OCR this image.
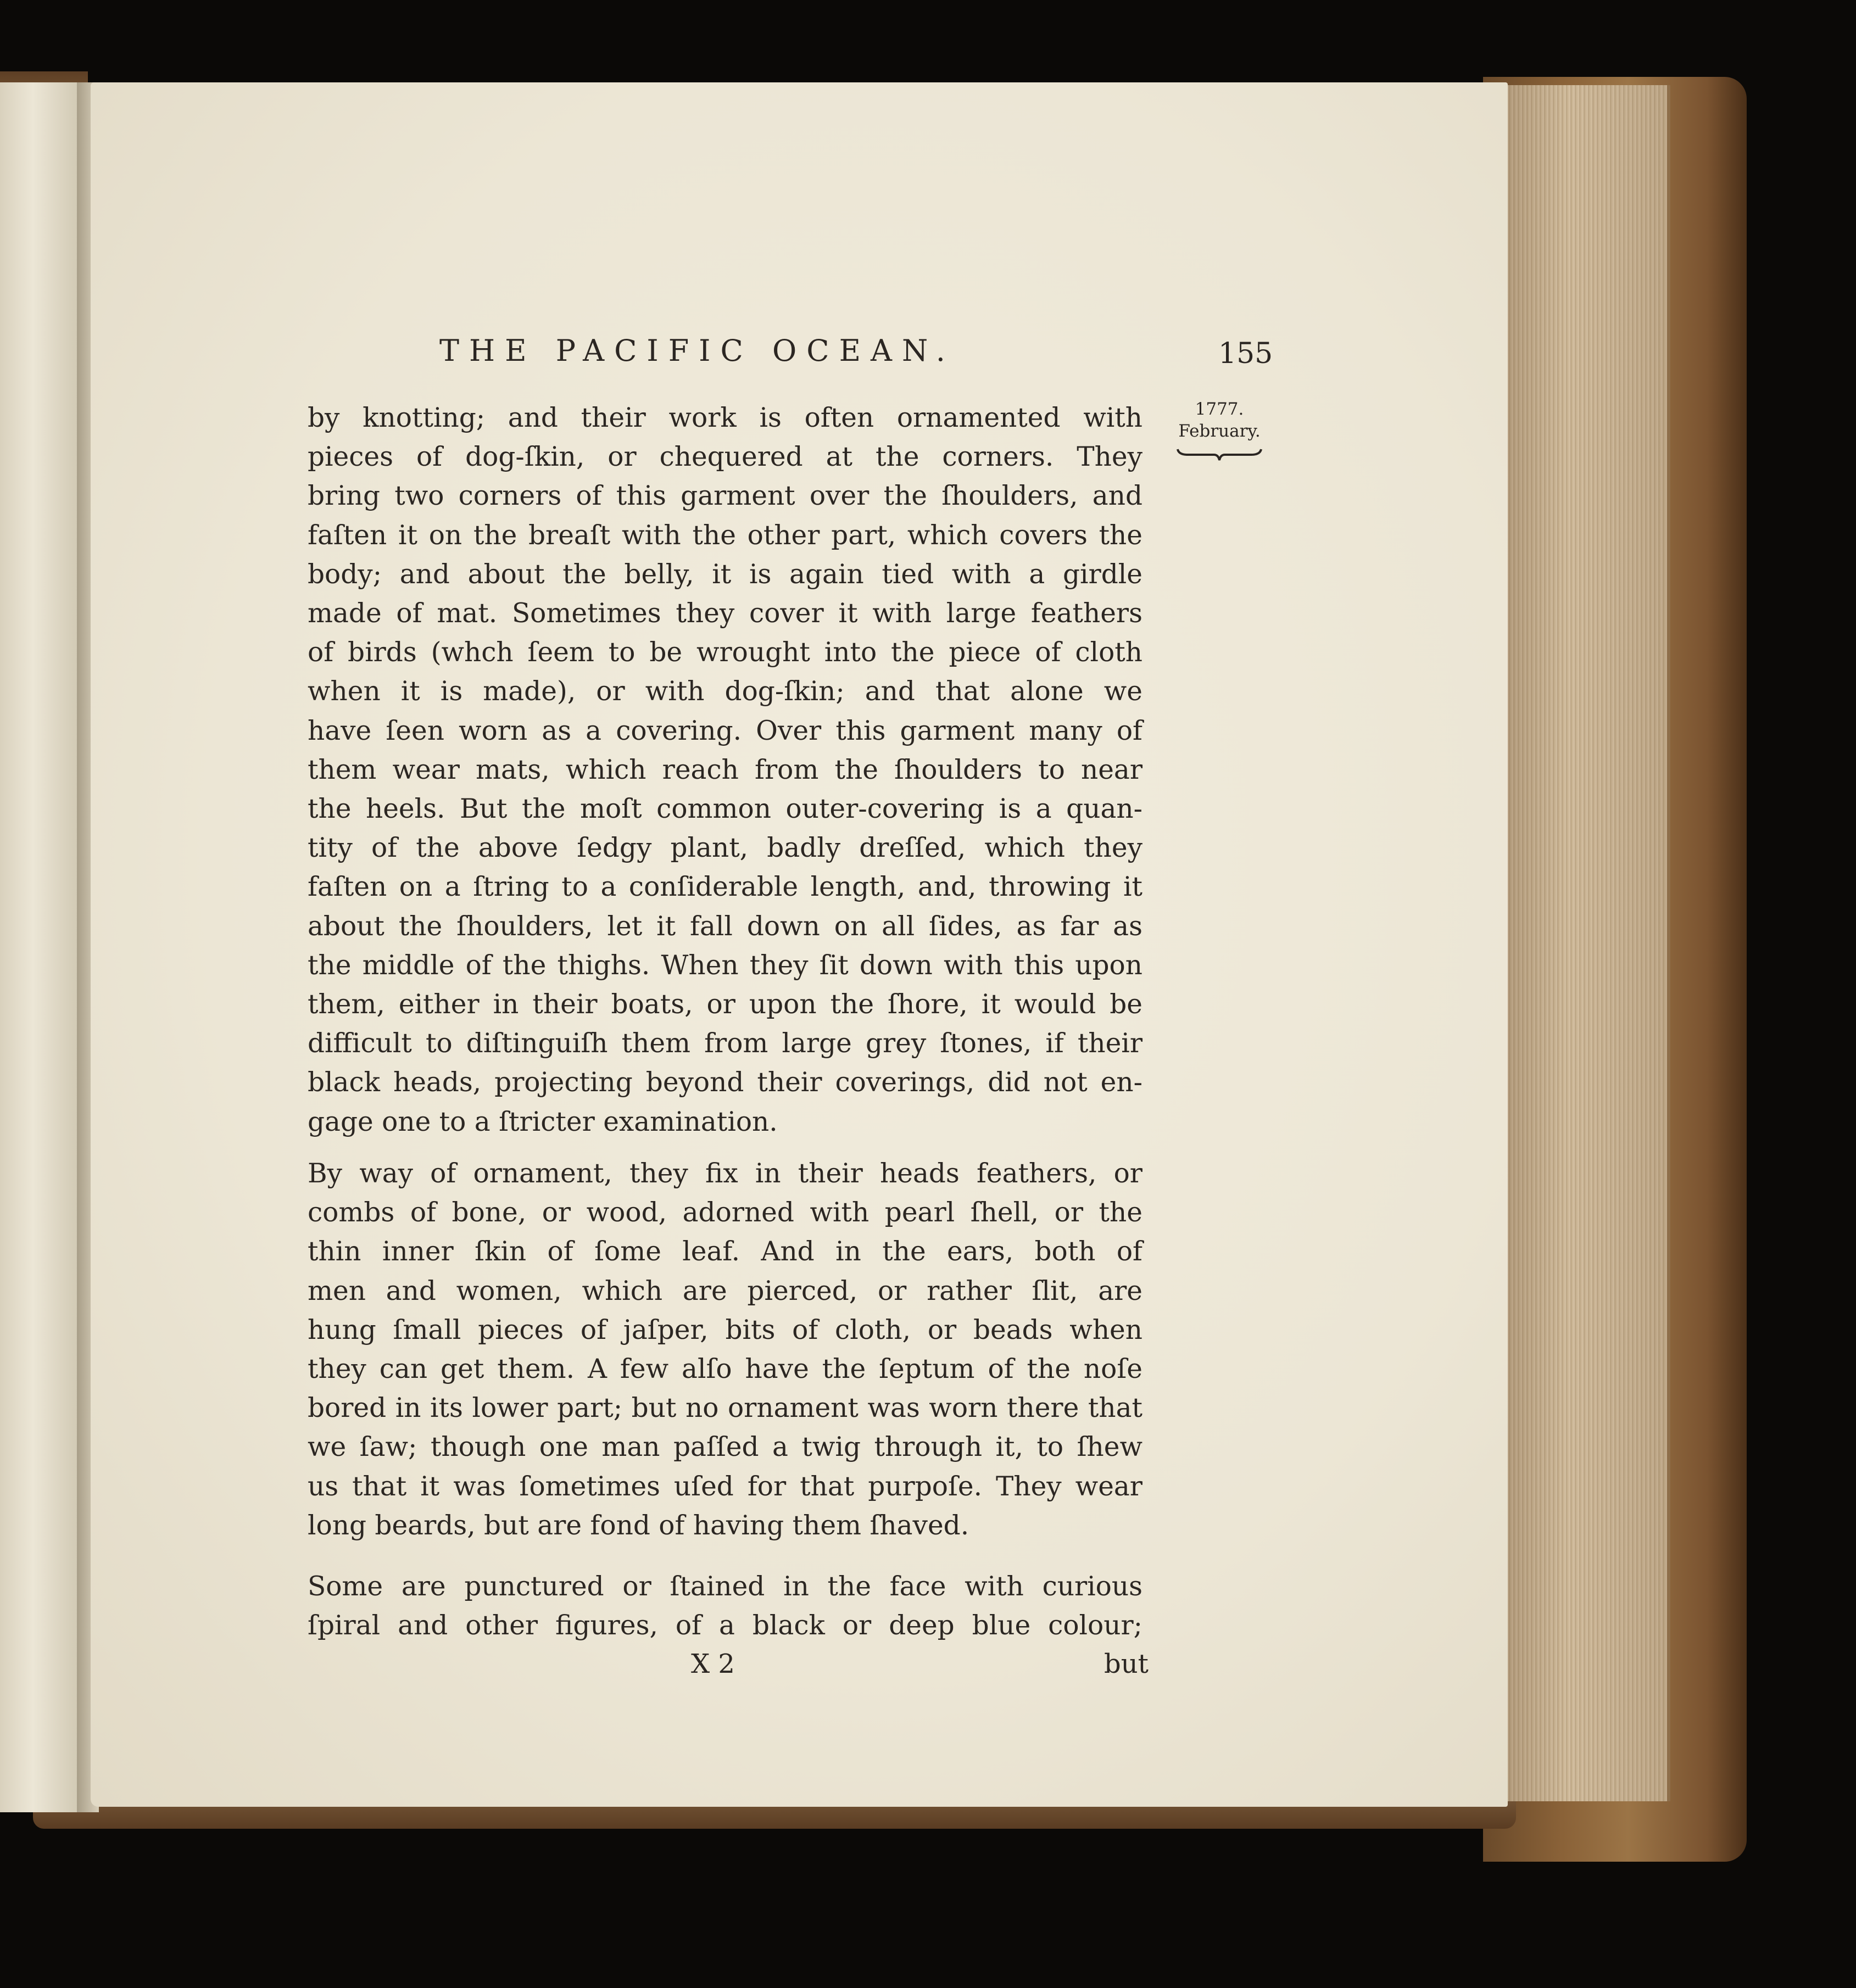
THE PACIFIC OCEAN.	155
1777.
February.
by knotting; and their work is often ornamented with
pieces of dog-ſkin, or chequered at the corners. They
bring two corners of this garment over the ſhoulders, and
faſten it on the breaſt with the other part, which covers the
body; and about the belly, it is again tied with a girdle
made of mat. Sometimes they cover it with large feathers
of birds (whch ſeem to be wrought into the piece of cloth
when it is made), or with dog-ſkin; and that alone we
have ſeen worn as a covering. Over this garment many of
them wear mats, which reach from the ſhoulders to near
the heels. But the moſt common outer-covering is a quan-
tity of the above ſedgy plant, badly dreſſed, which they
faſten on a ſtring to a conſiderable length, and, throwing it
about the ſhoulders, let it fall down on all ſides, as far as
the middle of the thighs. When they ſit down with this upon
them, either in their boats, or upon the ſhore, it would be
difficult to diſtinguiſh them from large grey ſtones, if their
black heads, projecting beyond their coverings, did not en-
gage one to a ſtricter examination.
By way of ornament, they fix in their heads feathers, or
combs of bone, or wood, adorned with pearl ſhell, or the
thin inner ſkin of ſome leaf. And in the ears, both of
men and women, which are pierced, or rather ſlit, are
hung ſmall pieces of jaſper, bits of cloth, or beads when
they can get them. A few alſo have the ſeptum of the noſe
bored in its lower part; but no ornament was worn there that
we ſaw; though one man paſſed a twig through it, to ſhew
us that it was ſometimes uſed for that purpoſe. They wear
long beards, but are fond of having them ſhaved.
Some are punctured or ſtained in the face with curious
ſpiral and other figures, of a black or deep blue colour;
X 2	but
